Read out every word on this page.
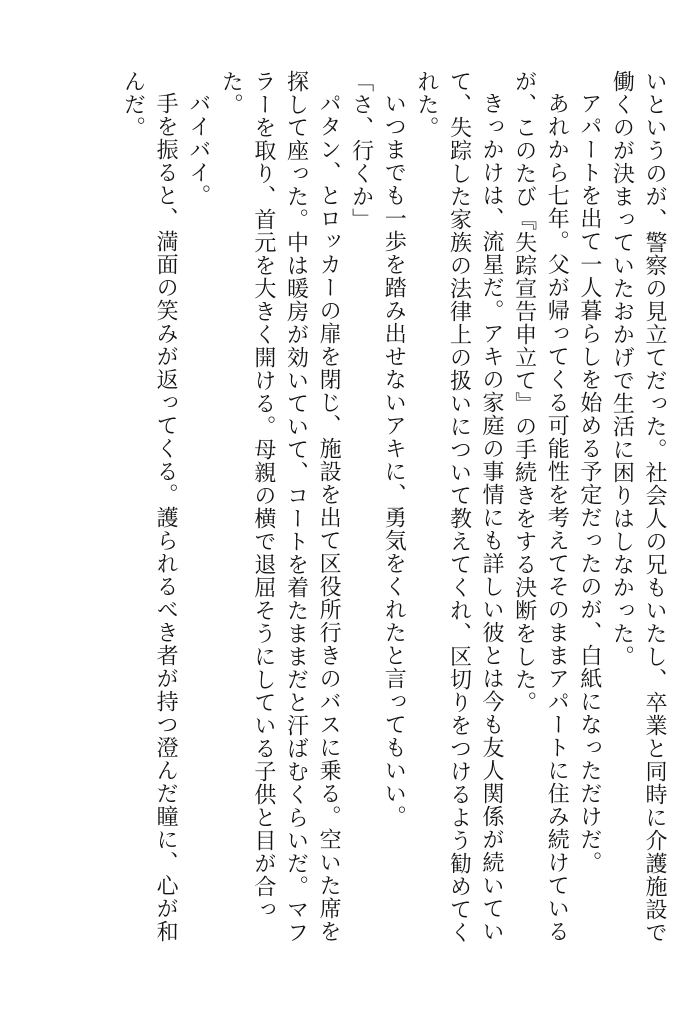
いというのが、警察の見立てだった。社会人の兄もいたし、卒業と同時に介護施設で働くのが決まっていたおかげで生活に困りはしなかった。

アパートを出て一人暮らしを始める予定だったのが、白紙になっただけだ。

あれから七年。父が帰ってくる可能性を考えてそのままアパートに住み続けているが、このたび『失踪宣告申立て』の手続きをする決断をした。

きっかけは、流星だ。アキの家庭の事情にも詳しい彼とは今も友人関係が続いていて、失踪した家族の法律上の扱いについて教えてくれ、区切りをつけるよう勧めてくれた。

いつまでも一歩を踏み出せないアキに、勇気をくれたと言ってもいい。

「さ、行くか」

パタン、とロッカーの扉を閉じ、施設を出て区役所行きのバスに乗る。空いた席を探して座った。中は暖房が効いていて、コートを着たままだと汗ばむくらいだ。マフラーを取り、首元を大きく開ける。母親の横で退屈そうにしている子供と目が合った。

バイバイ。

手を振ると、満面の笑みが返ってくる。護られるべき者が持つ澄んだ瞳に、心が和んだ。
